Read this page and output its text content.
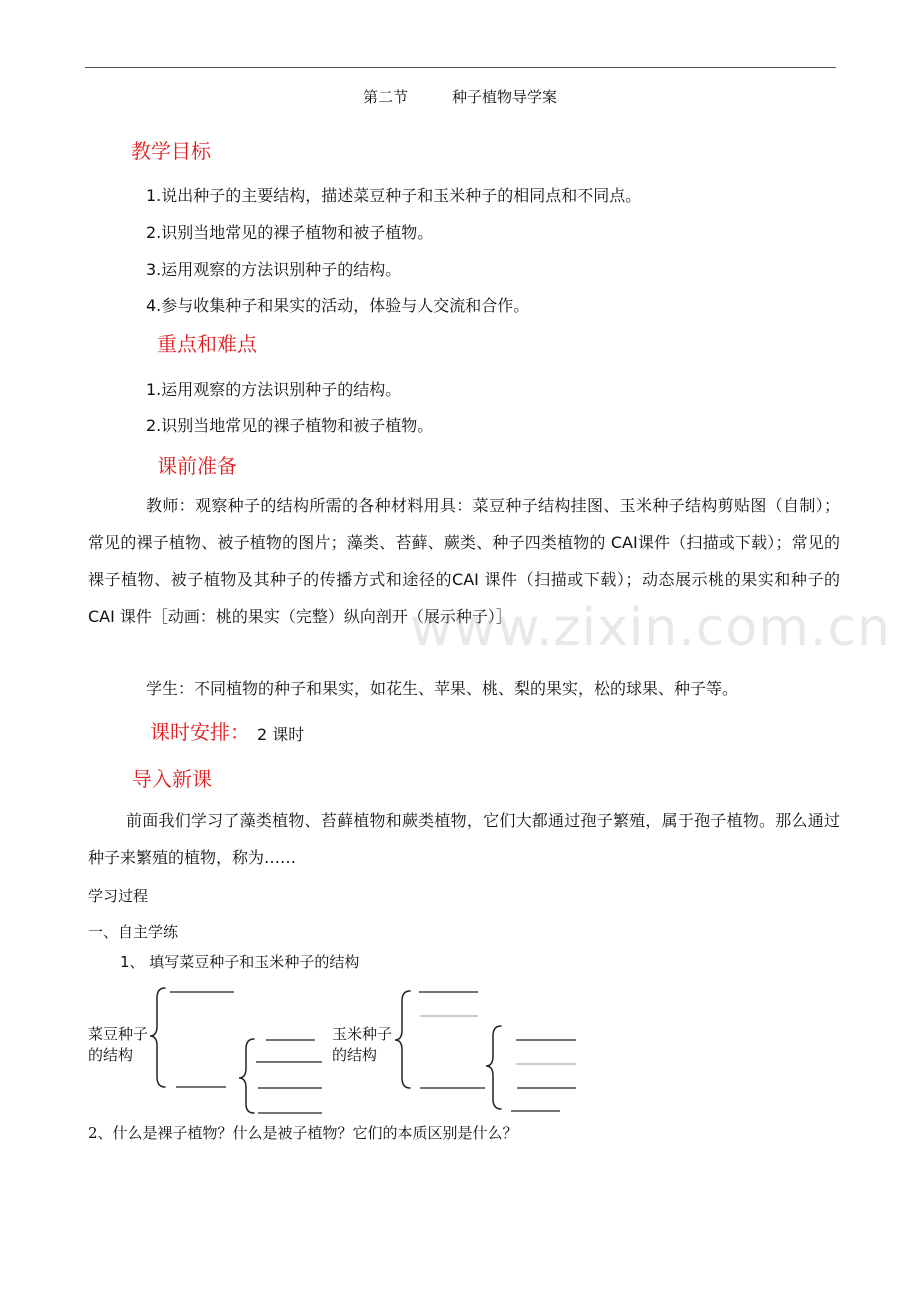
第二节	种子植物导学案
教学目标
1.说出种子的主要结构，描述菜豆种子和玉米种子的相同点和不同点。
2.识别当地常见的裸子植物和被子植物。
3.运用观察的方法识别种子的结构。
4.参与收集种子和果实的活动，体验与人交流和合作。
重点和难点
1.运用观察的方法识别种子的结构。
2.识别当地常见的裸子植物和被子植物。
课前准备
教师：观察种子的结构所需的各种材料用具：菜豆种子结构挂图、玉米种子结构剪贴图（自制）；常见的裸子植物、被子植物的图片；藻类、苔藓、蕨类、种子四类植物的 CAI课件（扫描或下载）；常见的裸子植物、被子植物及其种子的传播方式和途径的CAI 课件（扫描或下载）；动态展示桃的果实和种子的 CAI 课件［动画：桃的果实（完整）纵向剖开（展示种子）］
学生：不同植物的种子和果实，如花生、苹果、桃、梨的果实，松的球果、种子等。
课时安排： 2 课时
导入新课
前面我们学习了藻类植物、苔藓植物和蕨类植物，它们大都通过孢子繁殖，属于孢子植物。那么通过种子来繁殖的植物，称为……
学习过程
一、自主学练
1、 填写菜豆种子和玉米种子的结构
菜豆种子的结构
玉米种子的结构
2、什么是裸子植物？什么是被子植物？它们的本质区别是什么？
www.zixin.com.cn
